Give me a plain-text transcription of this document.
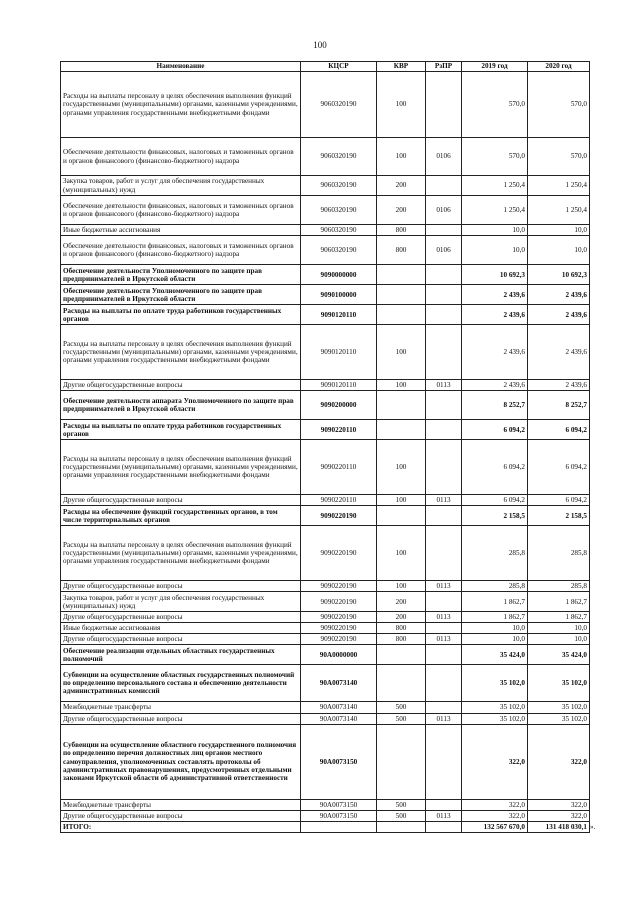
100
Наименование	КЦСР	КВР	РзПР	2019 год	2020 год
Расходы на выплаты персоналу в целях обеспечения выполнения функций государственными (муниципальными) органами, казенными учреждениями, органами управления государственными внебюджетными фондами	9060320190	100		570,0	570,0
Обеспечение деятельности финансовых, налоговых и таможенных органов и органов финансового (финансово-бюджетного) надзора	9060320190	100	0106	570,0	570,0
Закупка товаров, работ и услуг для обеспечения государственных (муниципальных) нужд	9060320190	200		1 250,4	1 250,4
Обеспечение деятельности финансовых, налоговых и таможенных органов и органов финансового (финансово-бюджетного) надзора	9060320190	200	0106	1 250,4	1 250,4
Иные бюджетные ассигнования	9060320190	800		10,0	10,0
Обеспечение деятельности финансовых, налоговых и таможенных органов и органов финансового (финансово-бюджетного) надзора	9060320190	800	0106	10,0	10,0
Обеспечение деятельности Уполномоченного по защите прав предпринимателей в Иркутской области	9090000000			10 692,3	10 692,3
Обеспечение деятельности Уполномоченного по защите прав предпринимателей в Иркутской области	9090100000			2 439,6	2 439,6
Расходы на выплаты по оплате труда работников государственных органов	9090120110			2 439,6	2 439,6
Расходы на выплаты персоналу в целях обеспечения выполнения функций государственными (муниципальными) органами, казенными учреждениями, органами управления государственными внебюджетными фондами	9090120110	100		2 439,6	2 439,6
Другие общегосударственные вопросы	9090120110	100	0113	2 439,6	2 439,6
Обеспечение деятельности аппарата Уполномоченного по защите прав предпринимателей в Иркутской области	9090200000			8 252,7	8 252,7
Расходы на выплаты по оплате труда работников государственных органов	9090220110			6 094,2	6 094,2
Расходы на выплаты персоналу в целях обеспечения выполнения функций государственными (муниципальными) органами, казенными учреждениями, органами управления государственными внебюджетными фондами	9090220110	100		6 094,2	6 094,2
Другие общегосударственные вопросы	9090220110	100	0113	6 094,2	6 094,2
Расходы на обеспечение функций государственных органов, в том числе территориальных органов	9090220190			2 158,5	2 158,5
Расходы на выплаты персоналу в целях обеспечения выполнения функций государственными (муниципальными) органами, казенными учреждениями, органами управления государственными внебюджетными фондами	9090220190	100		285,8	285,8
Другие общегосударственные вопросы	9090220190	100	0113	285,8	285,8
Закупка товаров, работ и услуг для обеспечения государственных (муниципальных) нужд	9090220190	200		1 862,7	1 862,7
Другие общегосударственные вопросы	9090220190	200	0113	1 862,7	1 862,7
Иные бюджетные ассигнования	9090220190	800		10,0	10,0
Другие общегосударственные вопросы	9090220190	800	0113	10,0	10,0
Обеспечение реализации отдельных областных государственных полномочий	90А0000000			35 424,0	35 424,0
Субвенции на осуществление областных государственных полномочий по определению персонального состава и обеспечению деятельности административных комиссий	90А0073140			35 102,0	35 102,0
Межбюджетные трансферты	90А0073140	500		35 102,0	35 102,0
Другие общегосударственные вопросы	90А0073140	500	0113	35 102,0	35 102,0
Субвенции на осуществление областного государственного полномочия по определению перечня должностных лиц органов местного самоуправления, уполномоченных составлять протоколы об административных правонарушениях, предусмотренных отдельными законами Иркутской области об административной ответственности	90А0073150			322,0	322,0
Межбюджетные трансферты	90А0073150	500		322,0	322,0
Другие общегосударственные вопросы	90А0073150	500	0113	322,0	322,0
ИТОГО:				132 567 670,0	131 418 030,1 ».
